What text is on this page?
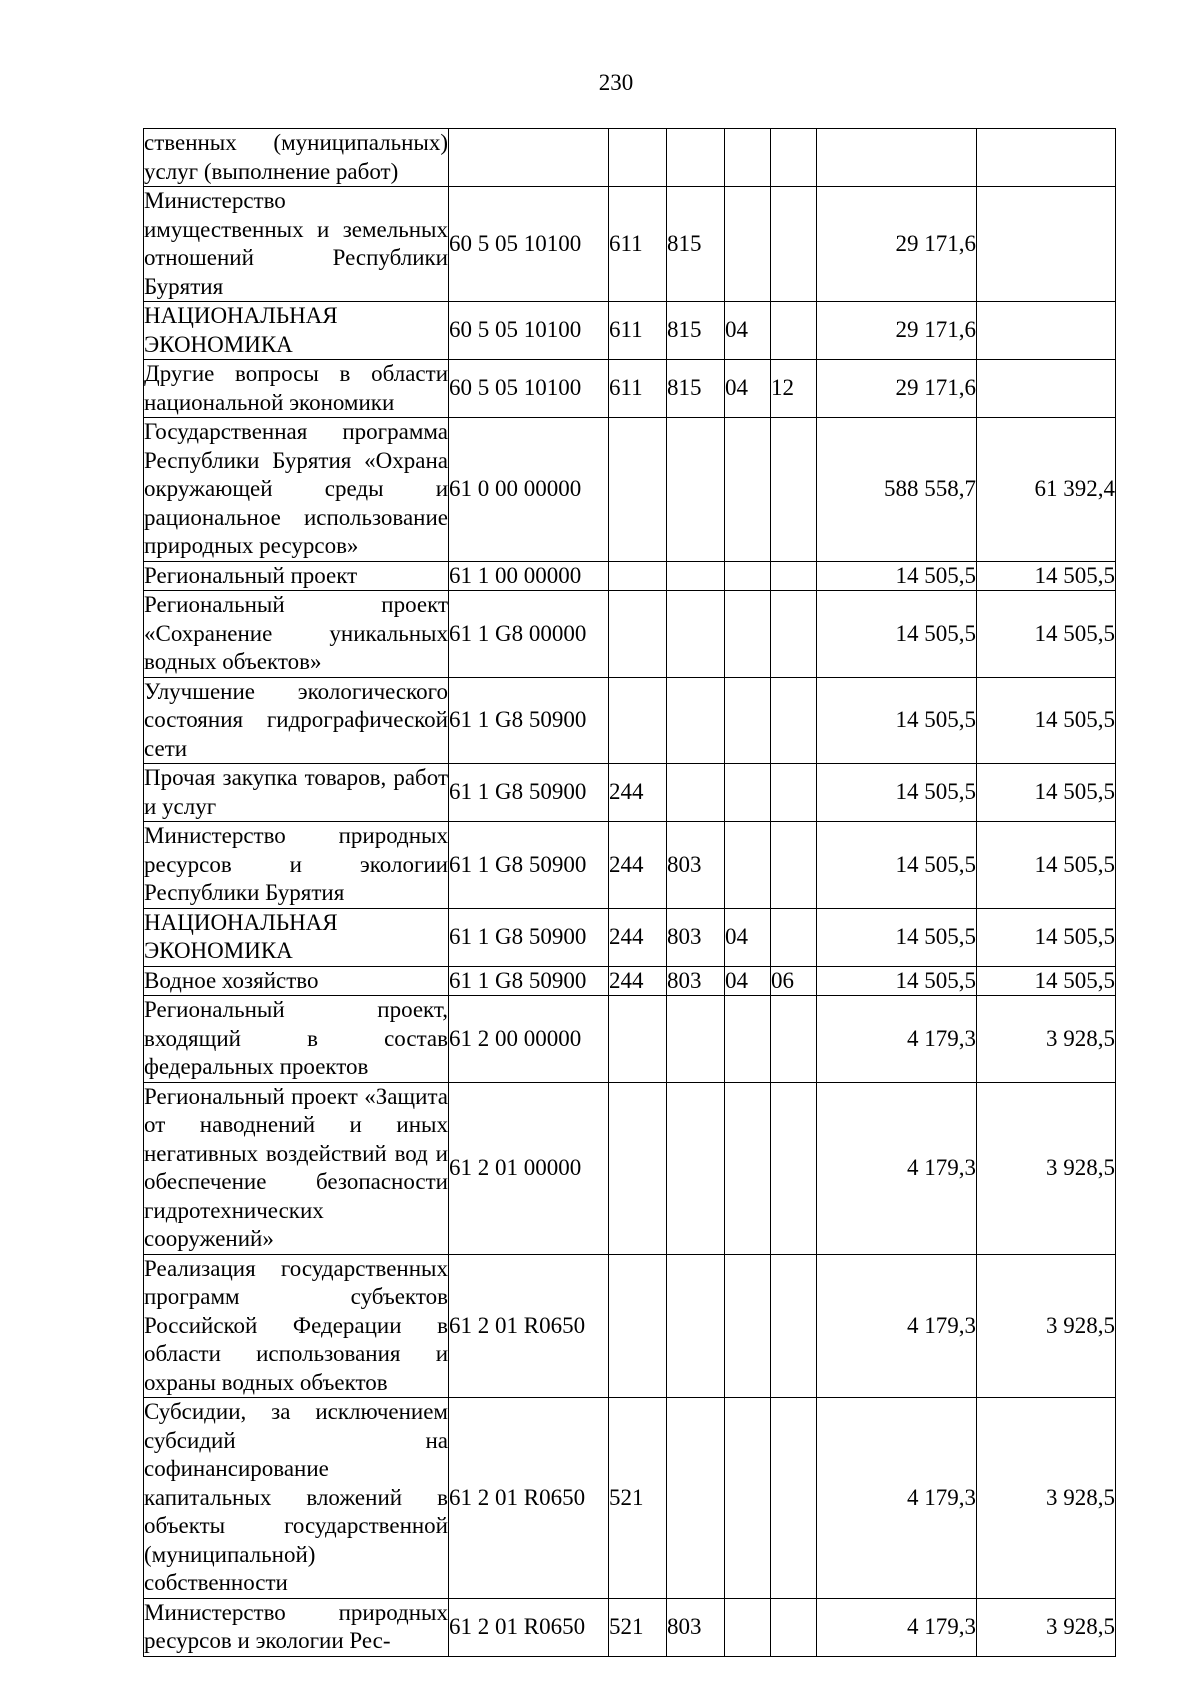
230
ственных (муниципальных) услуг (выполнение работ)							
Министерство имущественных и земельных отношений Республики Бурятия	60 5 05 10100	611	815			29 171,6	
НАЦИОНАЛЬНАЯ ЭКОНОМИКА	60 5 05 10100	611	815	04		29 171,6	
Другие вопросы в области национальной экономики	60 5 05 10100	611	815	04	12	29 171,6	
Государственная программа Республики Бурятия «Охрана окружающей среды и рациональное использование природных ресурсов»	61 0 00 00000					588 558,7	61 392,4
Региональный проект	61 1 00 00000					14 505,5	14 505,5
Региональный проект «Сохранение уникальных водных объектов»	61 1 G8 00000					14 505,5	14 505,5
Улучшение экологического состояния гидрографической сети	61 1 G8 50900					14 505,5	14 505,5
Прочая закупка товаров, работ и услуг	61 1 G8 50900	244				14 505,5	14 505,5
Министерство природных ресурсов и экологии Республики Бурятия	61 1 G8 50900	244	803			14 505,5	14 505,5
НАЦИОНАЛЬНАЯ ЭКОНОМИКА	61 1 G8 50900	244	803	04		14 505,5	14 505,5
Водное хозяйство	61 1 G8 50900	244	803	04	06	14 505,5	14 505,5
Региональный проект, входящий в состав федеральных проектов	61 2 00 00000					4 179,3	3 928,5
Региональный проект «Защита от наводнений и иных негативных воздействий вод и обеспечение безопасности гидротехнических сооружений»	61 2 01 00000					4 179,3	3 928,5
Реализация государственных программ субъектов Российской Федерации в области использования и охраны водных объектов	61 2 01 R0650					4 179,3	3 928,5
Субсидии, за исключением субсидий на софинансирование капитальных вложений в объекты государственной (муниципальной) собственности	61 2 01 R0650	521				4 179,3	3 928,5
Министерство природных ресурсов и экологии Рес-	61 2 01 R0650	521	803			4 179,3	3 928,5
